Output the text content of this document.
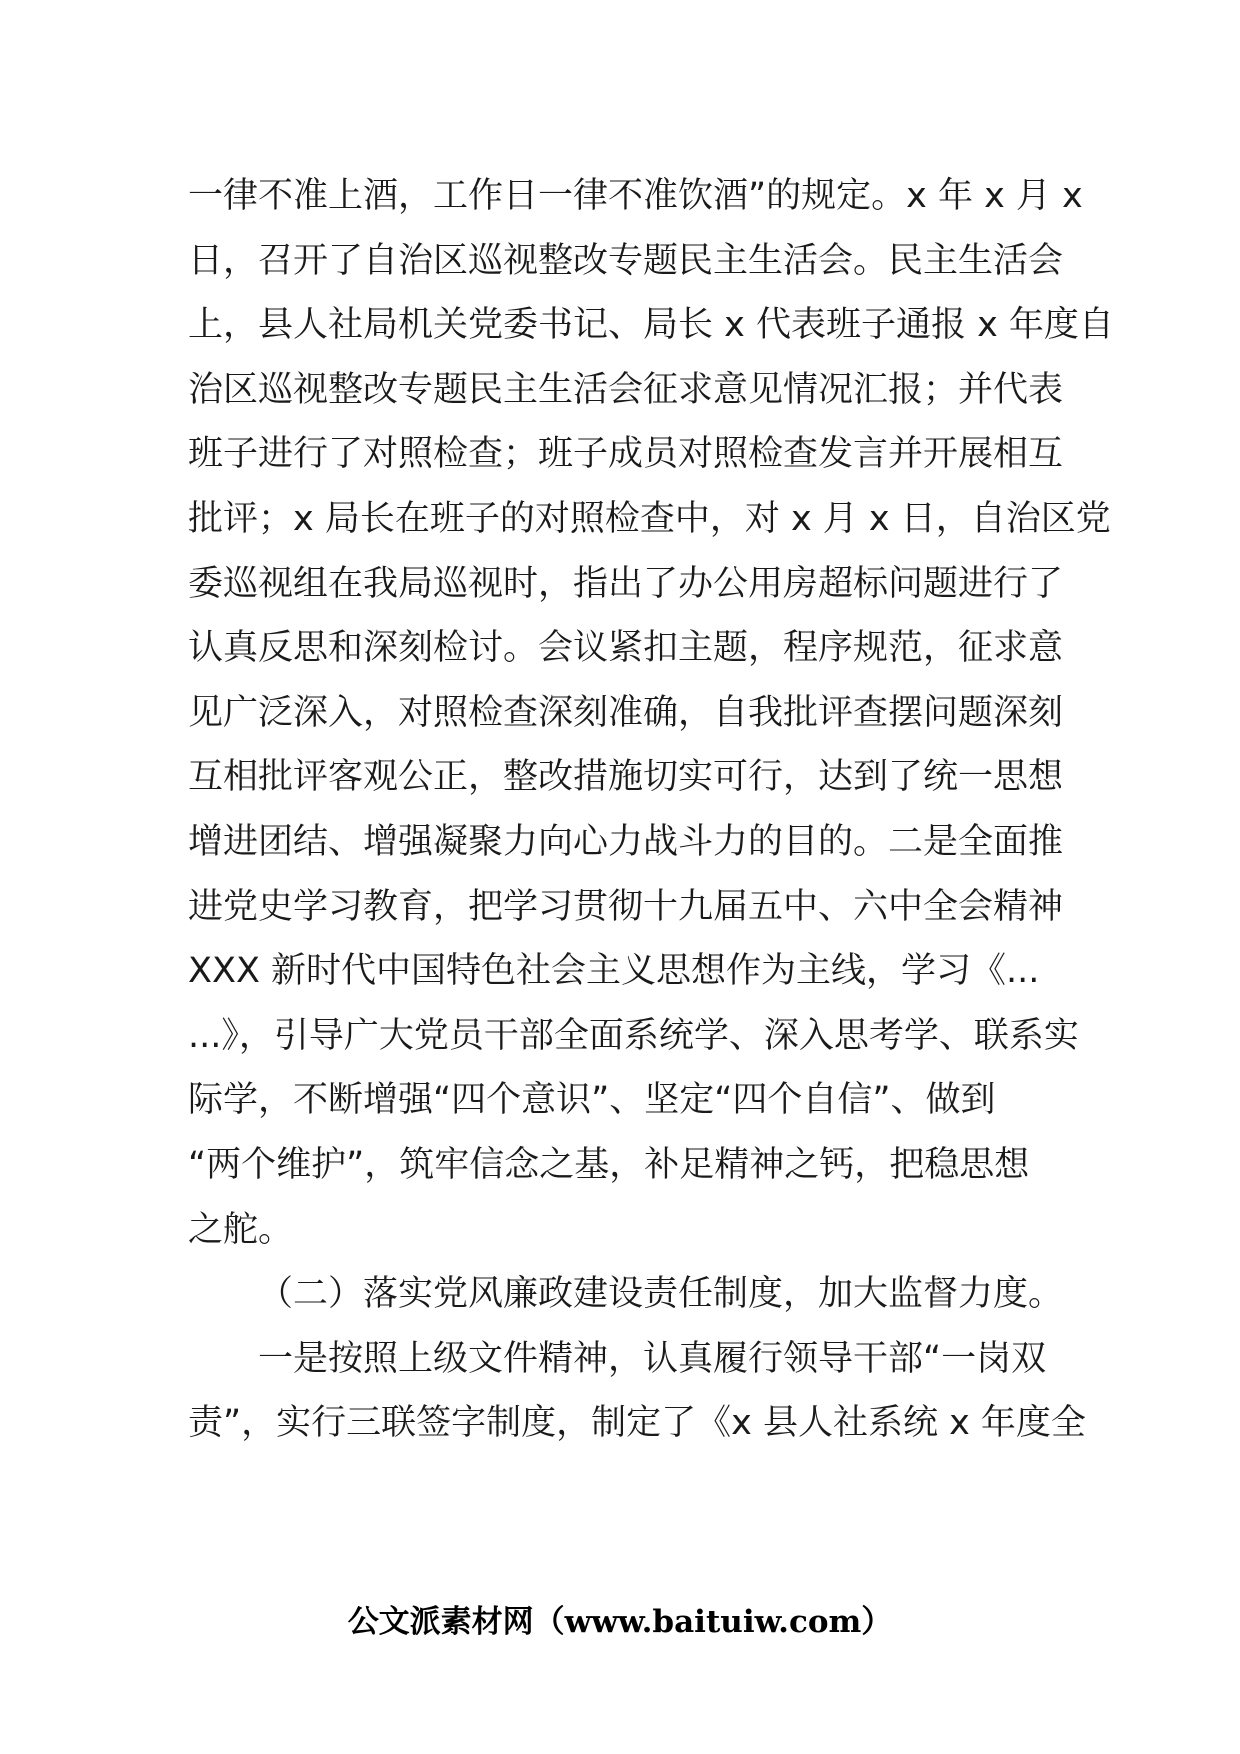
一律不准上酒，工作日一律不准饮酒”的规定。x 年 x 月 x
日，召开了自治区巡视整改专题民主生活会。民主生活会
上，县人社局机关党委书记、局长 x 代表班子通报 x 年度自
治区巡视整改专题民主生活会征求意见情况汇报；并代表
班子进行了对照检查；班子成员对照检查发言并开展相互
批评；x 局长在班子的对照检查中，对 x 月 x 日，自治区党
委巡视组在我局巡视时，指出了办公用房超标问题进行了
认真反思和深刻检讨。会议紧扣主题，程序规范，征求意
见广泛深入，对照检查深刻准确，自我批评查摆问题深刻
互相批评客观公正，整改措施切实可行，达到了统一思想
增进团结、增强凝聚力向心力战斗力的目的。二是全面推
进党史学习教育，把学习贯彻十九届五中、六中全会精神
XXX 新时代中国特色社会主义思想作为主线，学习《...
...》，引导广大党员干部全面系统学、深入思考学、联系实
际学，不断增强“四个意识”、坚定“四个自信”、做到
“两个维护”，筑牢信念之基，补足精神之钙，把稳思想
之舵。
（二）落实党风廉政建设责任制度，加大监督力度。
一是按照上级文件精神，认真履行领导干部“一岗双
责”，实行三联签字制度，制定了《x 县人社系统 x 年度全
公文派素材网（www.baituiw.com）
